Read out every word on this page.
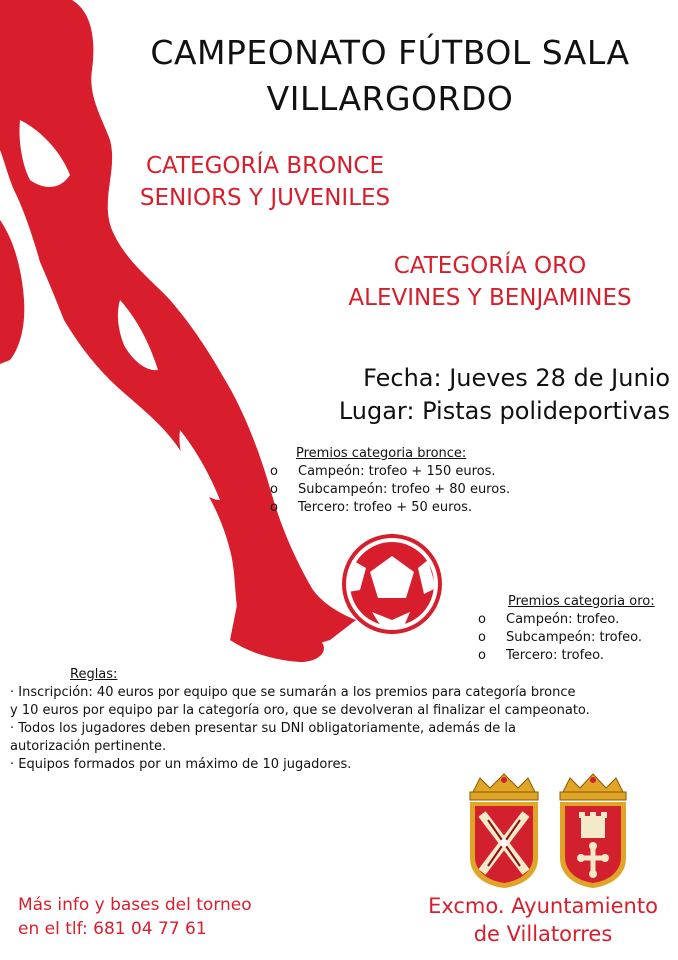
CAMPEONATO FÚTBOL SALA
VILLARGORDO
CATEGORÍA BRONCE
SENIORS Y JUVENILES
CATEGORÍA ORO
ALEVINES Y BENJAMINES
Fecha: Jueves 28 de Junio
Lugar: Pistas polideportivas
Premios categoria bronce:
o Campeón: trofeo + 150 euros.
o Subcampeón: trofeo + 80 euros.
o Tercero: trofeo + 50 euros.
Premios categoria oro:
o Campeón: trofeo.
o Subcampeón: trofeo.
o Tercero: trofeo.
Reglas:

· Inscripción: 40 euros por equipo que se sumarán a los premios para categoría bronce

y 10 euros por equipo par la categoría oro, que se devolveran al finalizar el campeonato.

· Todos los jugadores deben presentar su DNI obligatoriamente, además de la

autorización pertinente.

· Equipos formados por un máximo de 10 jugadores.

Más info y bases del torneo
en el tlf: 681 04 77 61
Excmo. Ayuntamiento
de Villatorres
